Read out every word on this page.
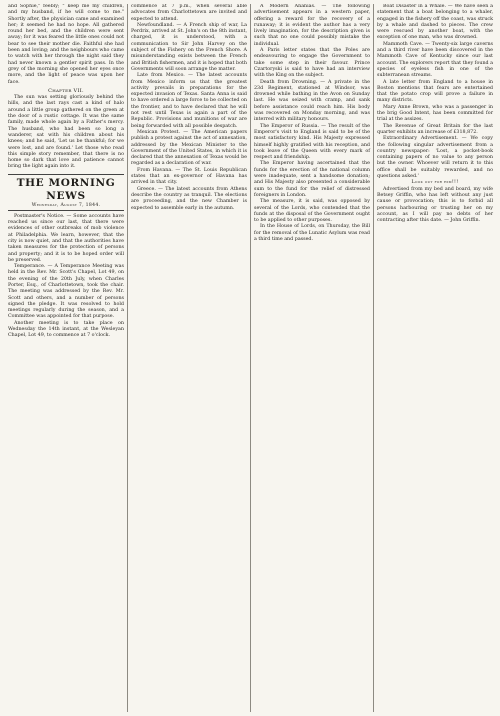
and Sophie," feebly; " keep me my children, and my husband, if he will come to me." Shortly after, the physician came and examined her; it seemed he had no hope. All gathered round her bed, and the children were sent away; for it was feared the little ones could not bear to see their mother die. Faithful she had been and loving; and the neighbours who came to watch with her through the night said they had never known a gentler spirit pass. In the grey of the morning she opened her eyes once more, and the light of peace was upon her face.

Chapter VII.

The sun was setting gloriously behind the hills, and the last rays cast a kind of halo around a little group gathered on the green at the door of a rustic cottage. It was the same family, made whole again by a Father's mercy. The husband, who had been so long a wanderer, sat with his children about his knees; and he said, 'Let us be thankful; for we were lost, and are found.' Let those who read this simple story remember, that there is no home so dark that love and patience cannot bring the light again into it.

THE MORNING NEWS
Wednesday, August 7, 1844.

Postmaster's Notice. — Some accounts have reached us since our last, that there were evidences of other outbreaks of mob violence at Philadelphia. We learn, however, that the city is now quiet, and that the authorities have taken measures for the protection of persons and property; and it is to be hoped order will be preserved.

Temperance. — A Temperance Meeting was held in the Rev. Mr. Scott's Chapel, Lot 49, on the evening of the 20th July, when Charles Porter, Esq., of Charlottetown, took the chair. The meeting was addressed by the Rev. Mr. Scott and others, and a number of persons signed the pledge. It was resolved to hold meetings regularly during the season, and a Committee was appointed for that purpose.

Another meeting is to take place on Wednesday the 14th instant, at the Wesleyan Chapel, Lot 49, to commence at 7 o'clock.

commence at 7 p.m., when several able advocates from Charlottetown are invited and expected to attend.

Newfoundland. — A French ship of war, La Perdrix, arrived at St. John's on the 8th instant, charged, it is understood, with a communication to Sir John Harvey on the subject of the Fishery on the French Shore. A misunderstanding exists between the French and British fishermen, and it is hoped that both Governments will soon arrange the matter.

Late from Mexico. — The latest accounts from Mexico inform us that the greatest activity prevails in preparations for the expected invasion of Texas. Santa Anna is said to have ordered a large force to be collected on the frontier, and to have declared that he will not rest until Texas is again a part of the Republic. Provisions and munitions of war are being forwarded with all possible despatch.

Mexican Protest. — The American papers publish a protest against the act of annexation, addressed by the Mexican Minister to the Government of the United States, in which it is declared that the annexation of Texas would be regarded as a declaration of war.

From Havana. — The St. Louis Republican states that an ex-governor of Havana has arrived in that city.

Greece. — The latest accounts from Athens describe the country as tranquil. The elections are proceeding, and the new Chamber is expected to assemble early in the autumn.

A Modern Ananias. — The following advertisement appears in a western paper, offering a reward for the recovery of a runaway; it is evident the author has a very lively imagination, for the description given is such that no one could possibly mistake the individual.

A Paris letter states that the Poles are endeavouring to engage the Government to take some step in their favour. Prince Czartoryski is said to have had an interview with the King on the subject.

Death from Drowning. — A private in the 23d Regiment, stationed at Windsor, was drowned while bathing in the Avon on Sunday last. He was seized with cramp, and sank before assistance could reach him. His body was recovered on Monday morning, and was interred with military honours.

The Emperor of Russia. — The result of the Emperor's visit to England is said to be of the most satisfactory kind. His Majesty expressed himself highly gratified with his reception, and took leave of the Queen with every mark of respect and friendship.

The Emperor having ascertained that the funds for the erection of the national column were inadequate, sent a handsome donation; and His Majesty also presented a considerable sum to the fund for the relief of distressed foreigners in London.

The measure, it is said, was opposed by several of the Lords, who contended that the funds at the disposal of the Government ought to be applied to other purposes.

In the House of Lords, on Thursday, the Bill for the removal of the Lunatic Asylum was read a third time and passed.

Boat Disaster in a Whale. — We have seen a statement that a boat belonging to a whaler, engaged in the fishery off the coast, was struck by a whale and dashed to pieces. The crew were rescued by another boat, with the exception of one man, who was drowned.

Mammoth Cave. — Twenty-six large caverns and a third river have been discovered in the Mammoth Cave of Kentucky since our last account. The explorers report that they found a species of eyeless fish in one of the subterranean streams.

A late letter from England to a house in Boston mentions that fears are entertained that the potato crop will prove a failure in many districts.

Mary Anne Brown, who was a passenger in the brig Good Intent, has been committed for trial at the assizes.

The Revenue of Great Britain for the last quarter exhibits an increase of £318,872.

Extraordinary Advertisement. — We copy the following singular advertisement from a country newspaper: 'Lost, a pocket-book containing papers of no value to any person but the owner. Whoever will return it to this office shall be suitably rewarded, and no questions asked.'

Look out for him!!!

Advertised from my bed and board, my wife Betsey Griffin, who has left without any just cause or provocation; this is to forbid all persons harbouring or trusting her on my account, as I will pay no debts of her contracting after this date. — John Griffin.
